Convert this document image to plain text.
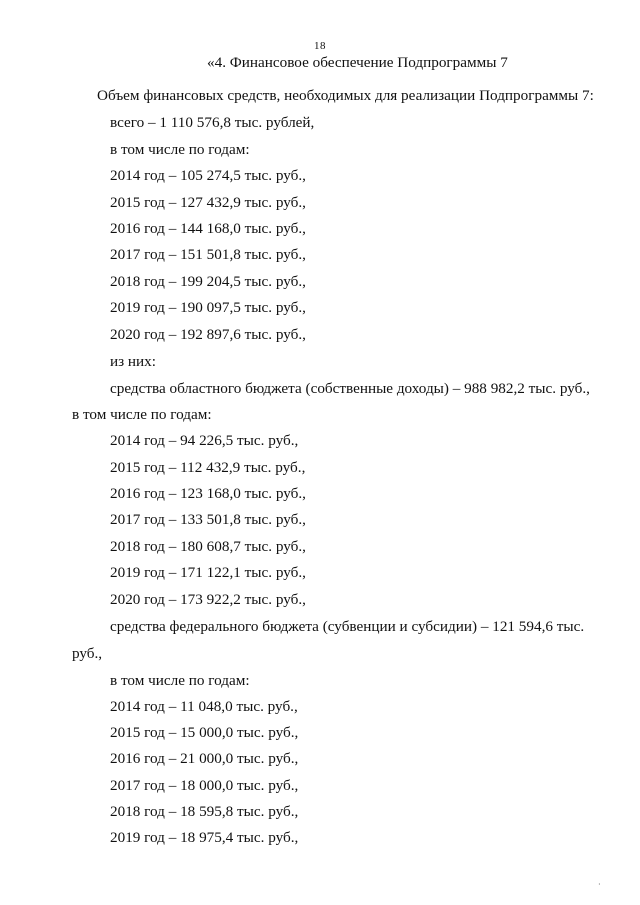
18
«4. Финансовое обеспечение Подпрограммы 7
Объем финансовых средств, необходимых для реализации Подпрограммы 7:
всего – 1 110 576,8 тыс. рублей,
в том числе по годам:
2014 год – 105 274,5 тыс. руб.,
2015 год – 127 432,9 тыс. руб.,
2016 год – 144 168,0 тыс. руб.,
2017 год – 151 501,8 тыс. руб.,
2018 год – 199 204,5 тыс. руб.,
2019 год – 190 097,5 тыс. руб.,
2020 год – 192 897,6 тыс. руб.,
из них:
средства областного бюджета (собственные доходы) – 988 982,2 тыс. руб.,
в том числе по годам:
2014 год – 94 226,5 тыс. руб.,
2015 год – 112 432,9 тыс. руб.,
2016 год – 123 168,0 тыс. руб.,
2017 год – 133 501,8 тыс. руб.,
2018 год – 180 608,7 тыс. руб.,
2019 год – 171 122,1 тыс. руб.,
2020 год – 173 922,2 тыс. руб.,
средства федерального бюджета (субвенции и субсидии) – 121 594,6 тыс.
руб.,
в том числе по годам:
2014 год – 11 048,0 тыс. руб.,
2015 год – 15 000,0 тыс. руб.,
2016 год – 21 000,0 тыс. руб.,
2017 год – 18 000,0 тыс. руб.,
2018 год – 18 595,8 тыс. руб.,
2019 год – 18 975,4 тыс. руб.,
·
